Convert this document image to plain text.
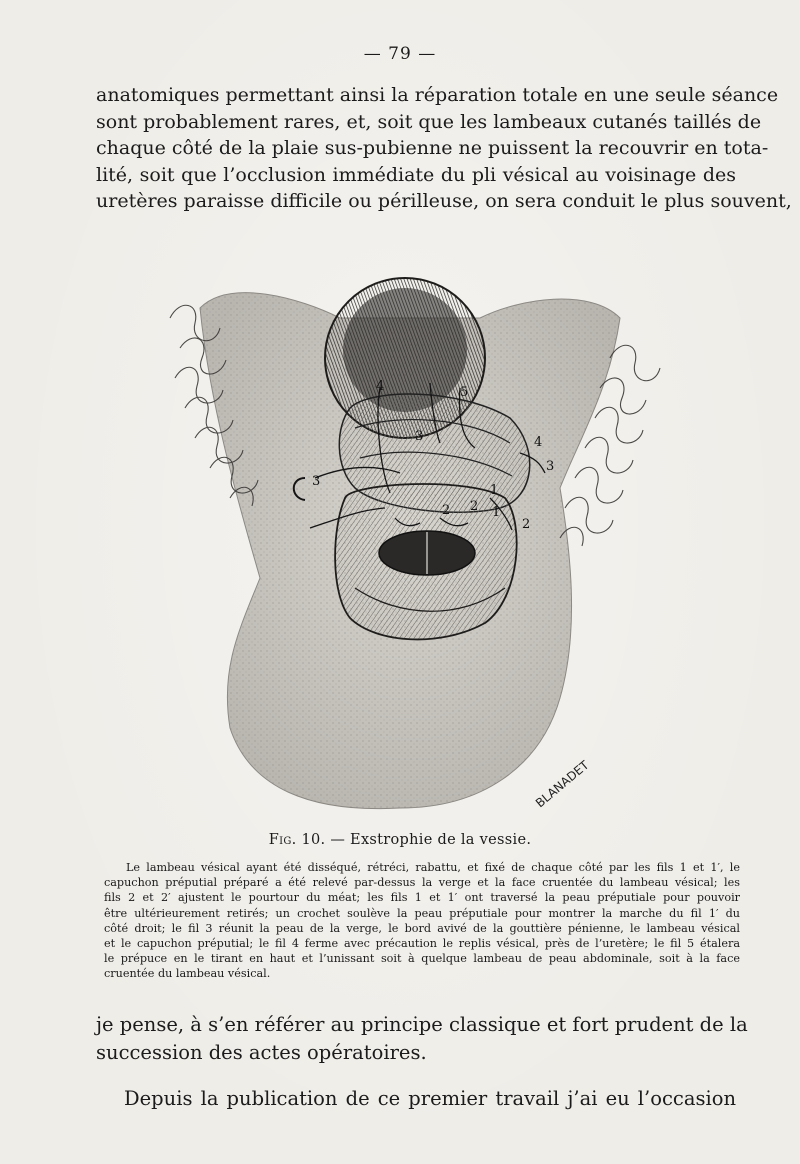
— 79 —

anatomiques permettant ainsi la réparation totale en une seule séance
sont probablement rares, et, soit que les lambeaux cutanés taillés de
chaque côté de la plaie sus-pubienne ne puissent la recouvrir en tota-
lité, soit que l’occlusion immédiate du pli vésical au voisinage des
uretères paraisse difficile ou périlleuse, on sera conduit le plus souvent,

4	5
3
3
4
3
2 2
1
1
2
BLANADET
Fig. 10. — Exstrophie de la vessie.

Le lambeau vésical ayant été disséqué, rétréci, rabattu, et fixé de chaque côté par les fils 1 et 1′, le
capuchon préputial préparé a été relevé par-dessus la verge et la face cruentée du lambeau vésical; les
fils 2 et 2′ ajustent le pourtour du méat; les fils 1 et 1′ ont traversé la peau préputiale pour pouvoir
être ultérieurement retirés; un crochet soulève la peau préputiale pour montrer la marche du fil 1′ du
côté droit; le fil 3 réunit la peau de la verge, le bord avivé de la gouttière pénienne, le lambeau vésical
et le capuchon préputial; le fil 4 ferme avec précaution le replis vésical, près de l’uretère; le fil 5 étalera
le prépuce en le tirant en haut et l’unissant soit à quelque lambeau de peau abdominale, soit à la face
cruentée du lambeau vésical.

je pense, à s’en référer au principe classique et fort prudent de la
succession des actes opératoires.

Depuis la publication de ce premier travail j’ai eu l’occasion
